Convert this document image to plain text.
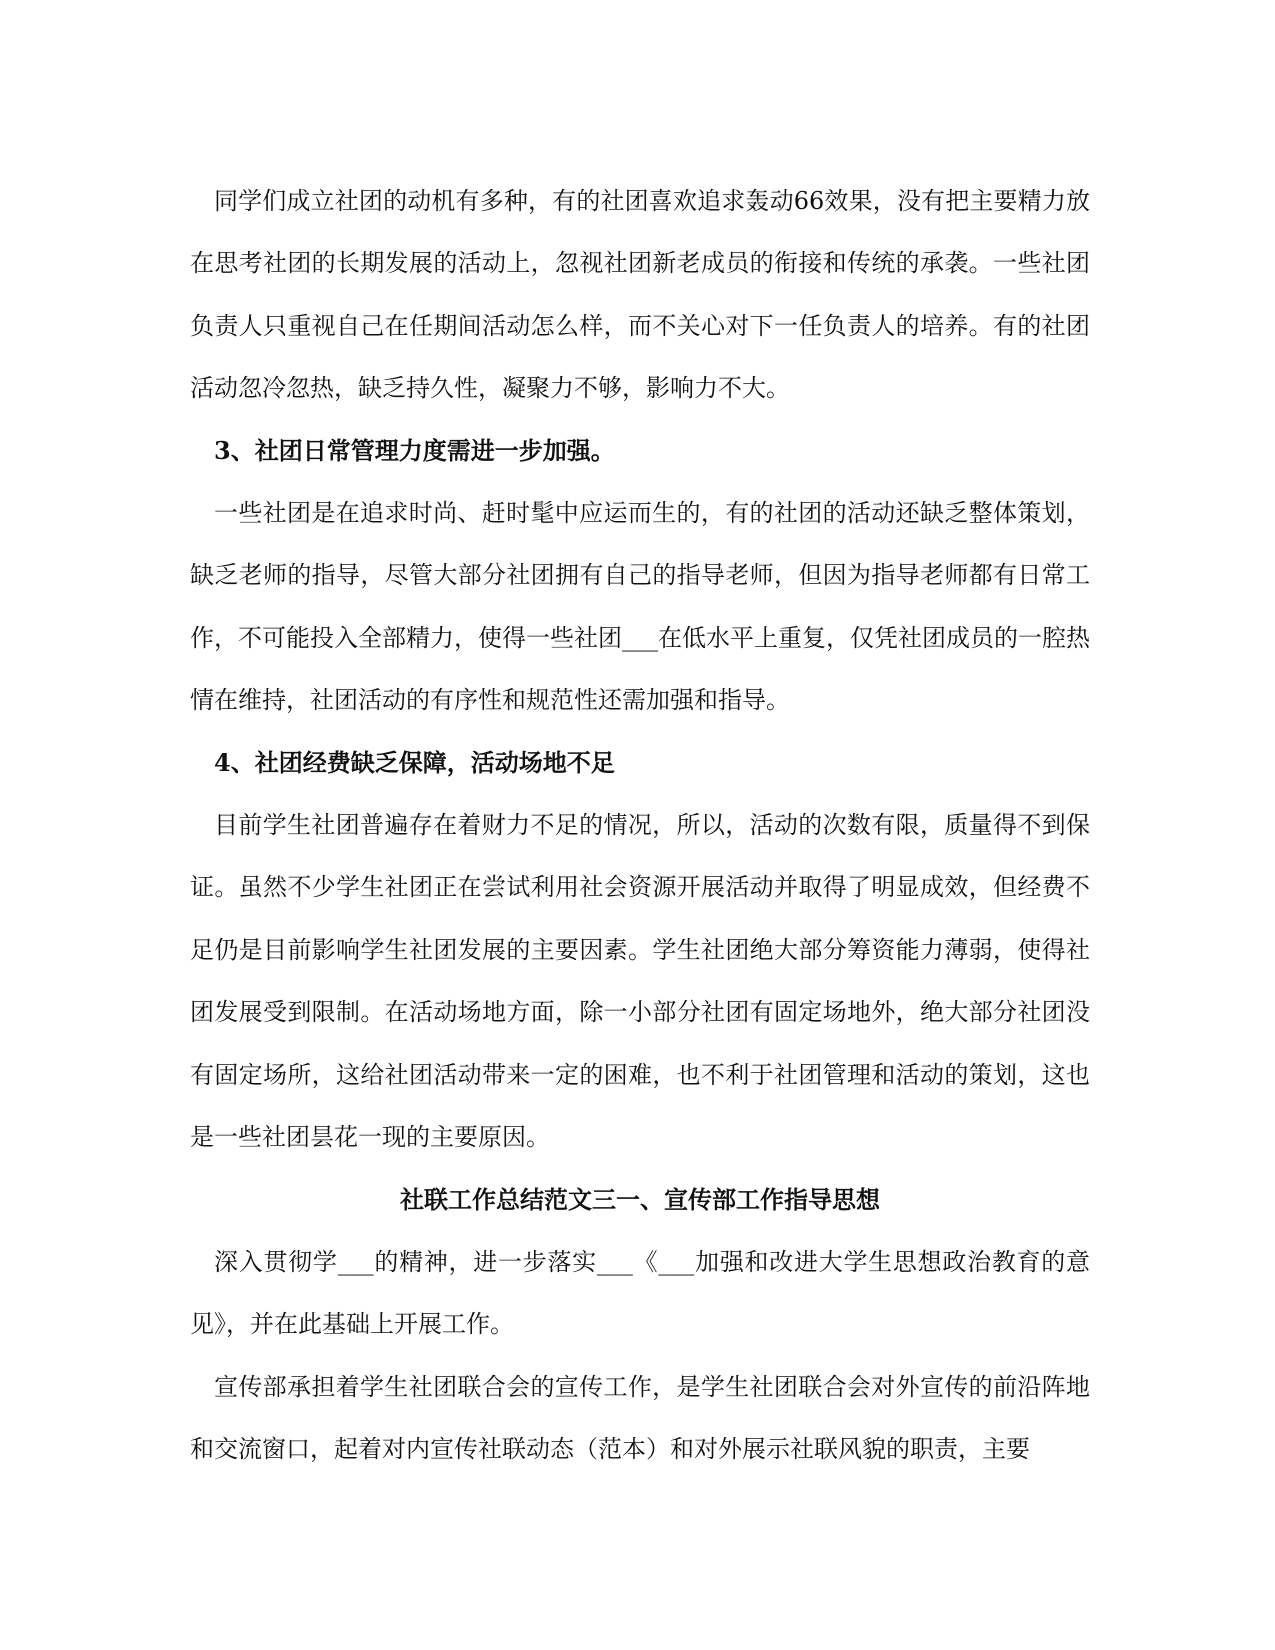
同学们成立社团的动机有多种，有的社团喜欢追求轰动66效果，没有把主要精力放在思考社团的长期发展的活动上，忽视社团新老成员的衔接和传统的承袭。一些社团负责人只重视自己在任期间活动怎么样，而不关心对下一任负责人的培养。有的社团活动忽冷忽热，缺乏持久性，凝聚力不够，影响力不大。

3、社团日常管理力度需进一步加强。

一些社团是在追求时尚、赶时髦中应运而生的，有的社团的活动还缺乏整体策划，缺乏老师的指导，尽管大部分社团拥有自己的指导老师，但因为指导老师都有日常工作，不可能投入全部精力，使得一些社团___在低水平上重复，仅凭社团成员的一腔热情在维持，社团活动的有序性和规范性还需加强和指导。

4、社团经费缺乏保障，活动场地不足

目前学生社团普遍存在着财力不足的情况，所以，活动的次数有限，质量得不到保证。虽然不少学生社团正在尝试利用社会资源开展活动并取得了明显成效，但经费不足仍是目前影响学生社团发展的主要因素。学生社团绝大部分筹资能力薄弱，使得社团发展受到限制。在活动场地方面，除一小部分社团有固定场地外，绝大部分社团没有固定场所，这给社团活动带来一定的困难，也不利于社团管理和活动的策划，这也是一些社团昙花一现的主要原因。

社联工作总结范文三一、宣传部工作指导思想

深入贯彻学___的精神，进一步落实___《___加强和改进大学生思想政治教育的意见》，并在此基础上开展工作。

宣传部承担着学生社团联合会的宣传工作，是学生社团联合会对外宣传的前沿阵地和交流窗口，起着对内宣传社联动态（范本）和对外展示社联风貌的职责，主要
